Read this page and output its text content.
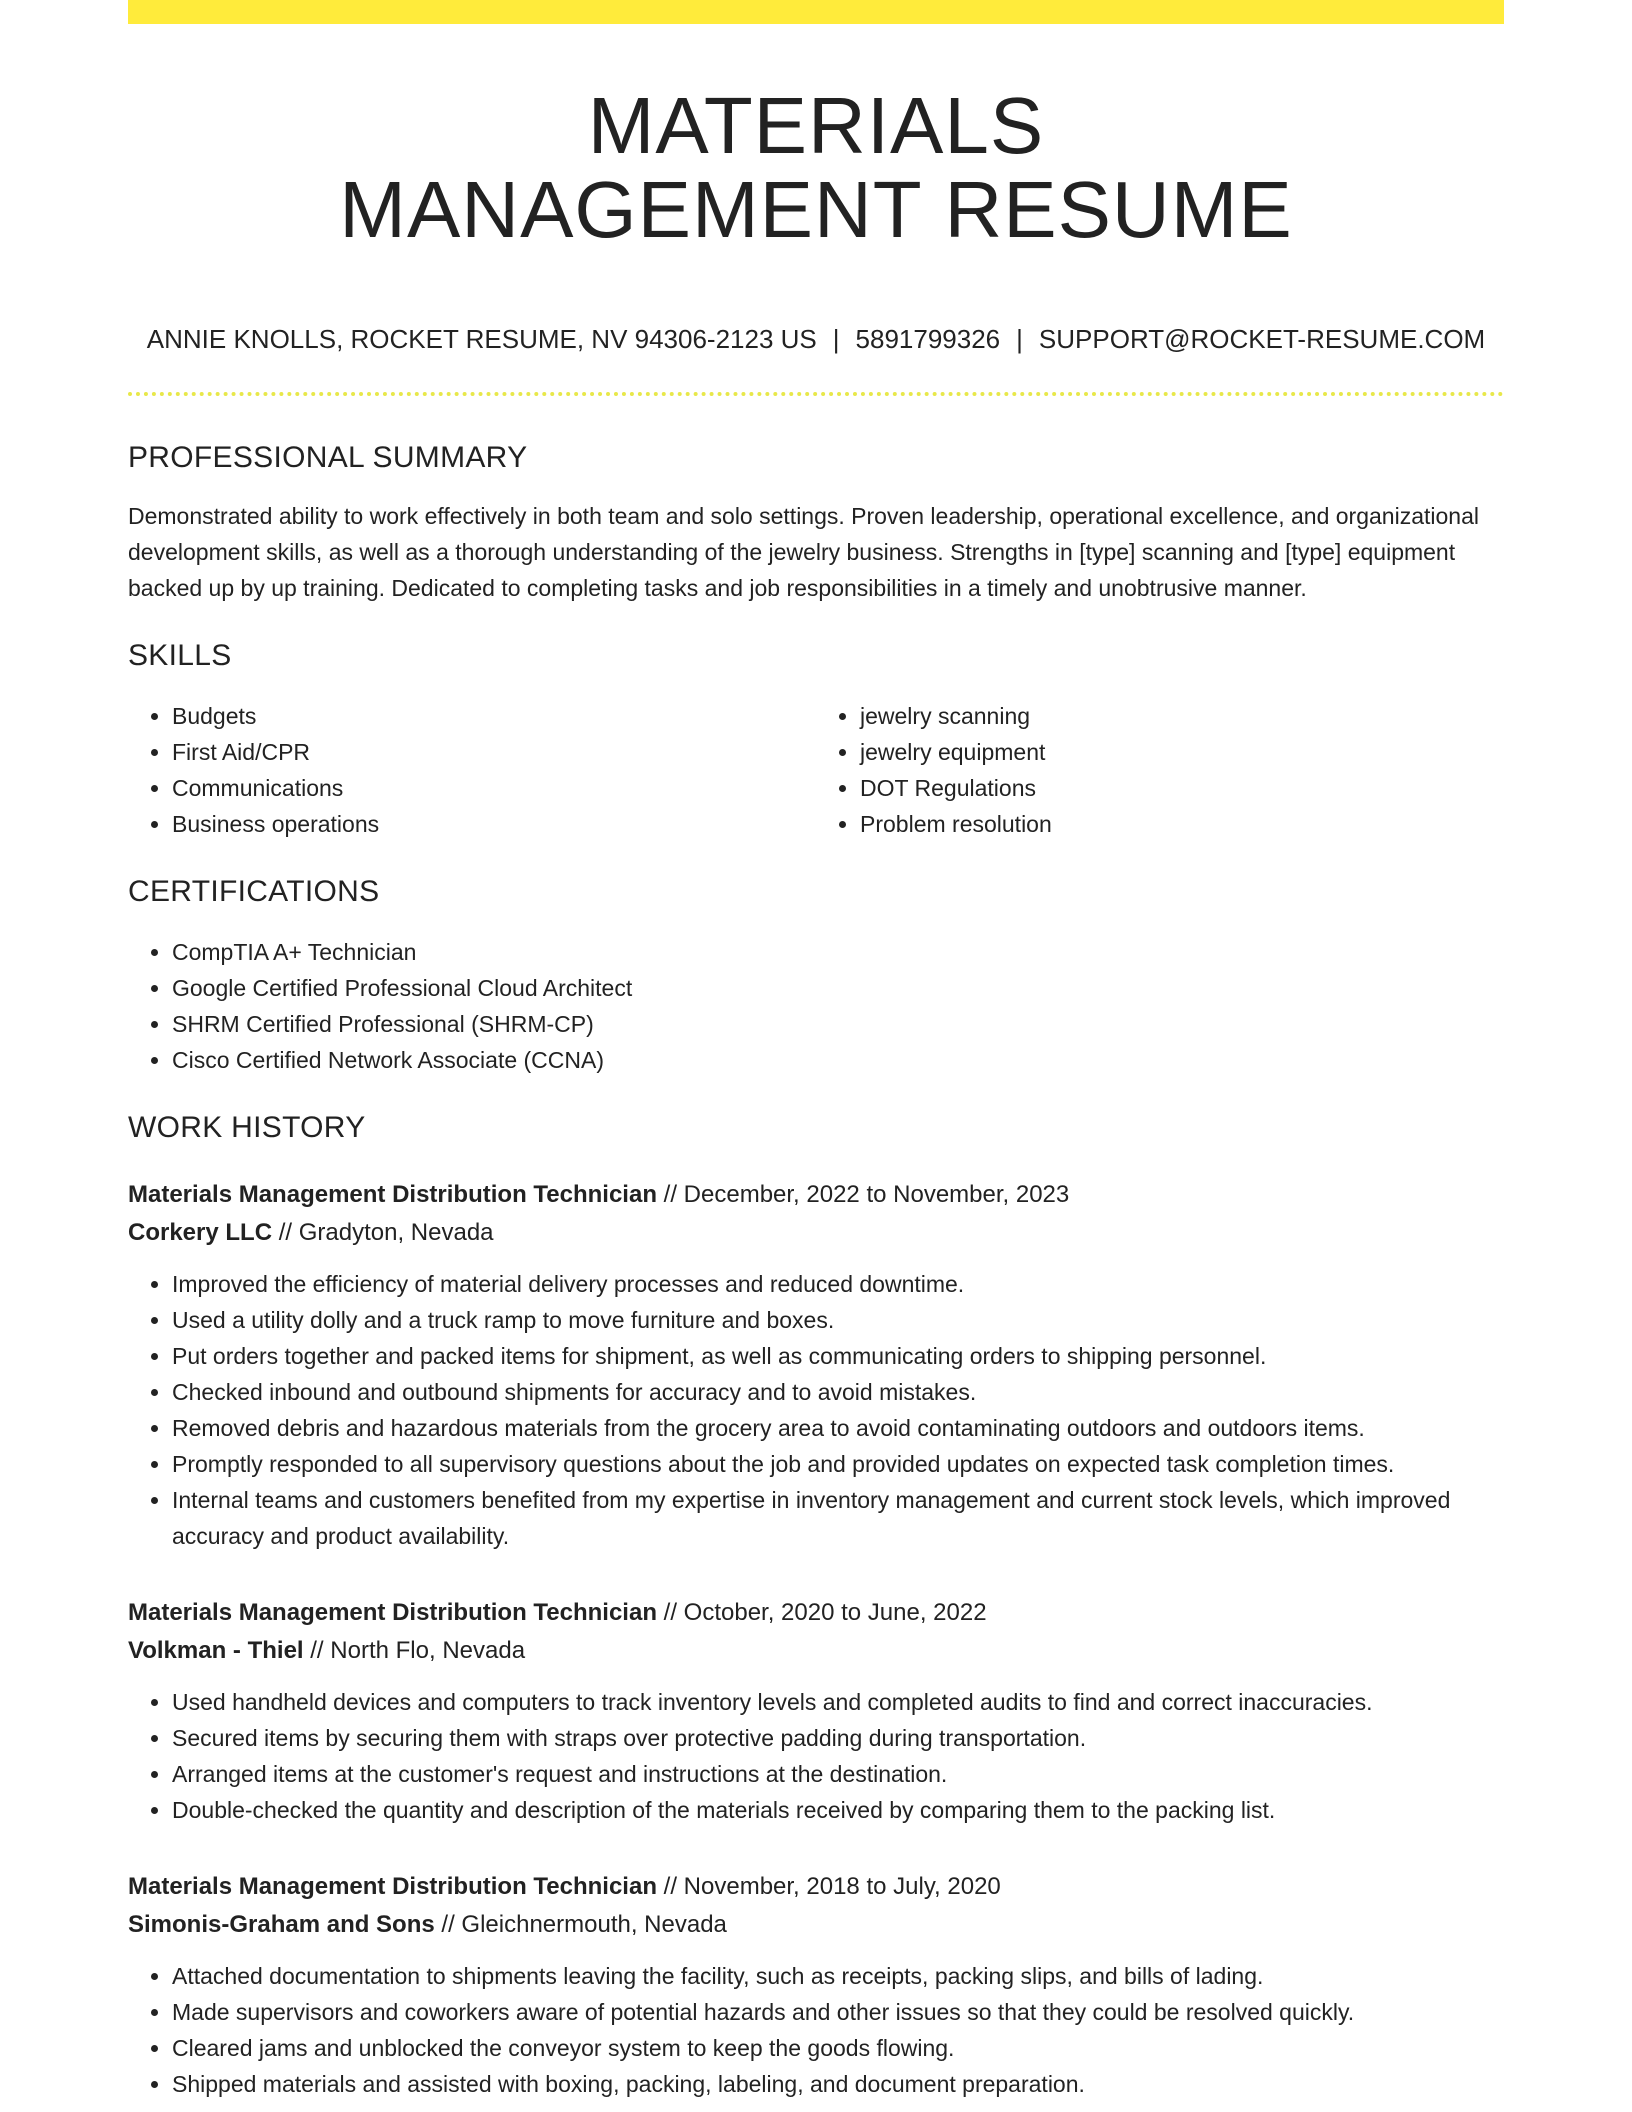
MATERIALS
MANAGEMENT RESUME
ANNIE KNOLLS, ROCKET RESUME, NV 94306-2123 US | 5891799326 | SUPPORT@ROCKET-RESUME.COM
PROFESSIONAL SUMMARY

Demonstrated ability to work effectively in both team and solo settings. Proven leadership, operational excellence, and organizational development skills, as well as a thorough understanding of the jewelry business. Strengths in [type] scanning and [type] equipment backed up by up training. Dedicated to completing tasks and job responsibilities in a timely and unobtrusive manner.

SKILLS
• Budgets
• First Aid/CPR
• Communications
• Business operations
• jewelry scanning
• jewelry equipment
• DOT Regulations
• Problem resolution
CERTIFICATIONS
• CompTIA A+ Technician
• Google Certified Professional Cloud Architect
• SHRM Certified Professional (SHRM-CP)
• Cisco Certified Network Associate (CCNA)
WORK HISTORY
Materials Management Distribution Technician // December, 2022 to November, 2023
Corkery LLC // Gradyton, Nevada
• Improved the efficiency of material delivery processes and reduced downtime.
• Used a utility dolly and a truck ramp to move furniture and boxes.
• Put orders together and packed items for shipment, as well as communicating orders to shipping personnel.
• Checked inbound and outbound shipments for accuracy and to avoid mistakes.
• Removed debris and hazardous materials from the grocery area to avoid contaminating outdoors and outdoors items.
• Promptly responded to all supervisory questions about the job and provided updates on expected task completion times.
• Internal teams and customers benefited from my expertise in inventory management and current stock levels, which improved accuracy and product availability.
Materials Management Distribution Technician // October, 2020 to June, 2022
Volkman - Thiel // North Flo, Nevada
• Used handheld devices and computers to track inventory levels and completed audits to find and correct inaccuracies.
• Secured items by securing them with straps over protective padding during transportation.
• Arranged items at the customer's request and instructions at the destination.
• Double-checked the quantity and description of the materials received by comparing them to the packing list.
Materials Management Distribution Technician // November, 2018 to July, 2020
Simonis-Graham and Sons // Gleichnermouth, Nevada
• Attached documentation to shipments leaving the facility, such as receipts, packing slips, and bills of lading.
• Made supervisors and coworkers aware of potential hazards and other issues so that they could be resolved quickly.
• Cleared jams and unblocked the conveyor system to keep the goods flowing.
• Shipped materials and assisted with boxing, packing, labeling, and document preparation.
